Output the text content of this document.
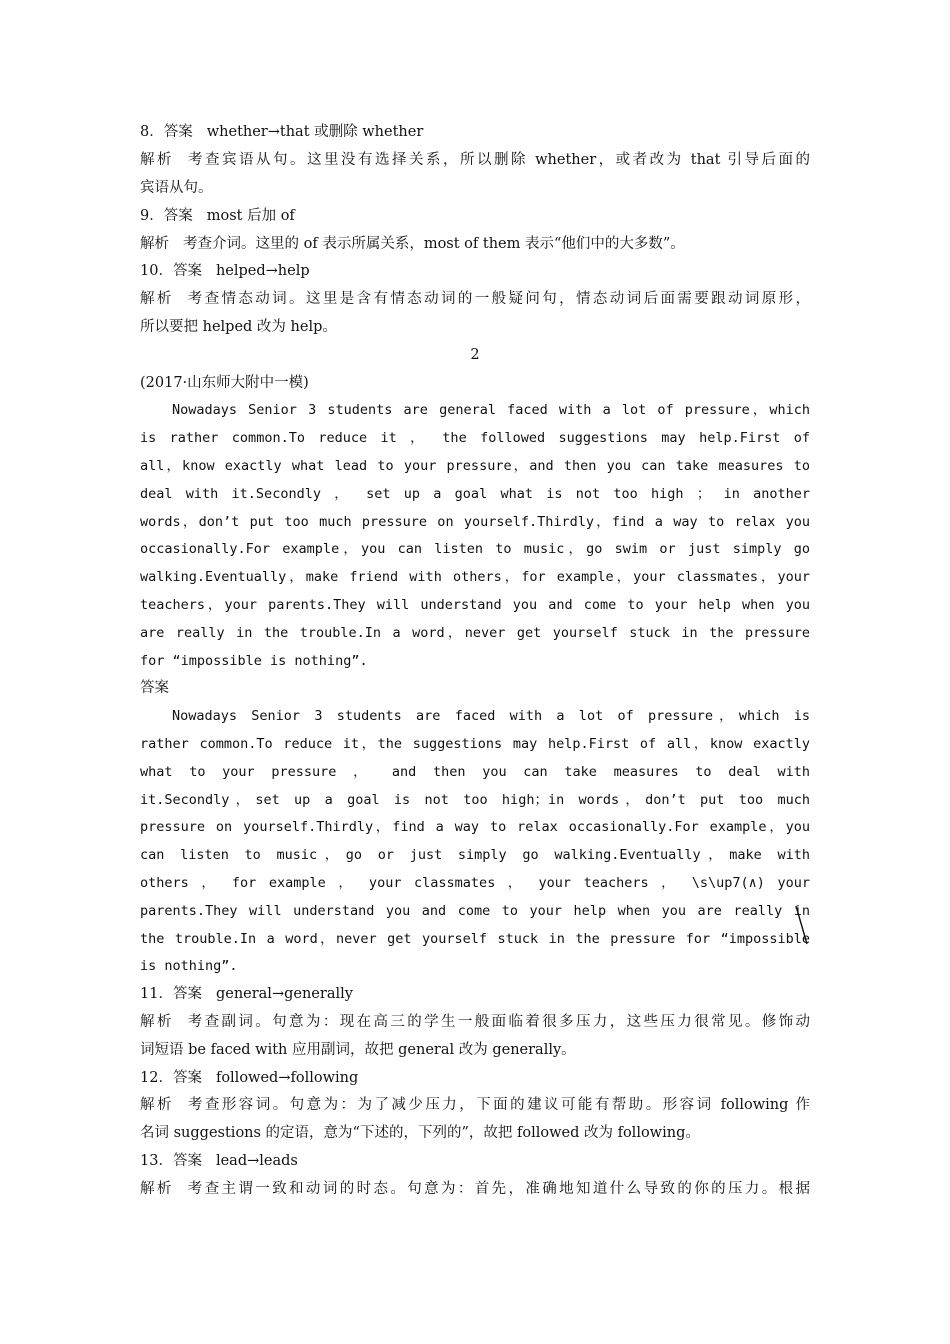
8．答案 whether→that 或删除 whether
解析 考查宾语从句。这里没有选择关系，所以删除 whether，或者改为 that 引导后面的
宾语从句。
9．答案 most 后加 of
解析 考查介词。这里的 of 表示所属关系，most of them 表示“他们中的大多数”。
10．答案 helped→help
解析 考查情态动词。这里是含有情态动词的一般疑问句，情态动词后面需要跟动词原形，
所以要把 helped 改为 help。
2
(2017·山东师大附中一模)
Nowadays Senior 3 students are general faced with a lot of pressure，which
is rather common.To reduce it ， the followed suggestions may help.First of
all，know exactly what lead to your pressure，and then you can take measures to
deal with it.Secondly ， set up a goal what is not too high ； in another
words，don’t put too much pressure on yourself.Thirdly，find a way to relax you
occasionally.For example，you can listen to music，go swim or just simply go
walking.Eventually，make friend with others，for example，your classmates，your
teachers，your parents.They will understand you and come to your help when you
are really in the trouble.In a word，never get yourself stuck in the pressure
for “impossible is nothing”.
答案
Nowadays Senior 3 students are faced with a lot of pressure，which is
rather common.To reduce it，the suggestions may help.First of all，know exactly
what to your pressure ， and then you can take measures to deal with
it.Secondly，set up a goal is not too high；in words，don’t put too much
pressure on yourself.Thirdly，find a way to relax occasionally.For example，you
can listen to music，go or just simply go walking.Eventually，make with
others ， for example ， your classmates ， your teachers ， \s\up7(∧) your
parents.They will understand you and come to your help when you are really in
the trouble.In a word，never get yourself stuck in the pressure for “impossible
is nothing”.
11．答案 general→generally
解析 考查副词。句意为：现在高三的学生一般面临着很多压力，这些压力很常见。修饰动
词短语 be faced with 应用副词，故把 general 改为 generally。
12．答案 followed→following
解析 考查形容词。句意为：为了减少压力，下面的建议可能有帮助。形容词 following 作
名词 suggestions 的定语，意为“下述的，下列的”，故把 followed 改为 following。
13．答案 lead→leads
解析 考查主谓一致和动词的时态。句意为：首先，准确地知道什么导致的你的压力。根据
